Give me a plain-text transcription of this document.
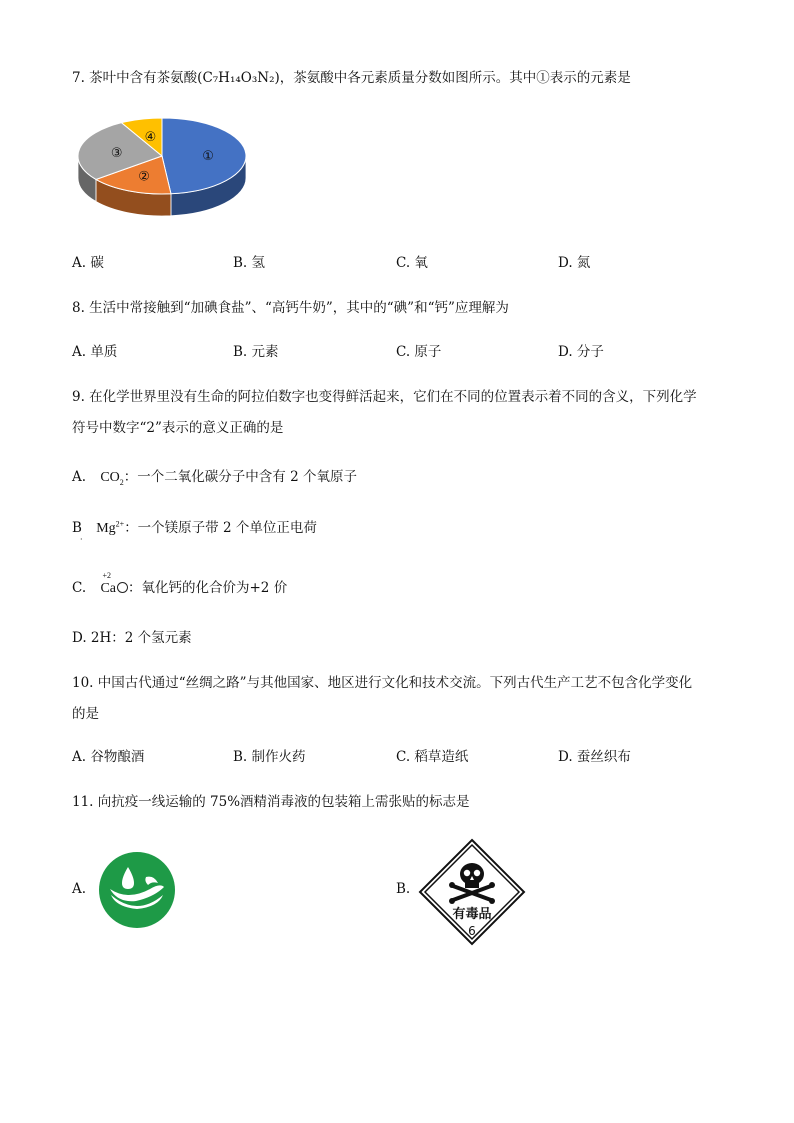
7. 茶叶中含有茶氨酸(C₇H₁₄O₃N₂)，茶氨酸中各元素质量分数如图所示。其中①表示的元素是
①
②
③
④
A. 碳	B. 氢	C. 氧	D. 氮
8. 生活中常接触到“加碘食盐”、“高钙牛奶”，其中的“碘”和“钙”应理解为
A. 单质	B. 元素	C. 原子	D. 分子
9. 在化学世界里没有生命的阿拉伯数字也变得鲜活起来，它们在不同的位置表示着不同的含义，下列化学
符号中数字“2”表示的意义正确的是
A. $CO_2$：一个二氧化碳分子中含有 2 个氧原子
B $Mg^{2+}$：一个镁原子带 2 个单位正电荷
·
C.
+2
Ca ：氧化钙的化合价为+2 价
D. 2H：2 个氢元素
10. 中国古代通过“丝绸之路”与其他国家、地区进行文化和技术交流。下列古代生产工艺不包含化学变化
的是
A. 谷物酿酒	B. 制作火药	C. 稻草造纸	D. 蚕丝织布
11. 向抗疫一线运输的 75%酒精消毒液的包装箱上需张贴的标志是
A.	B.
有毒品
6
